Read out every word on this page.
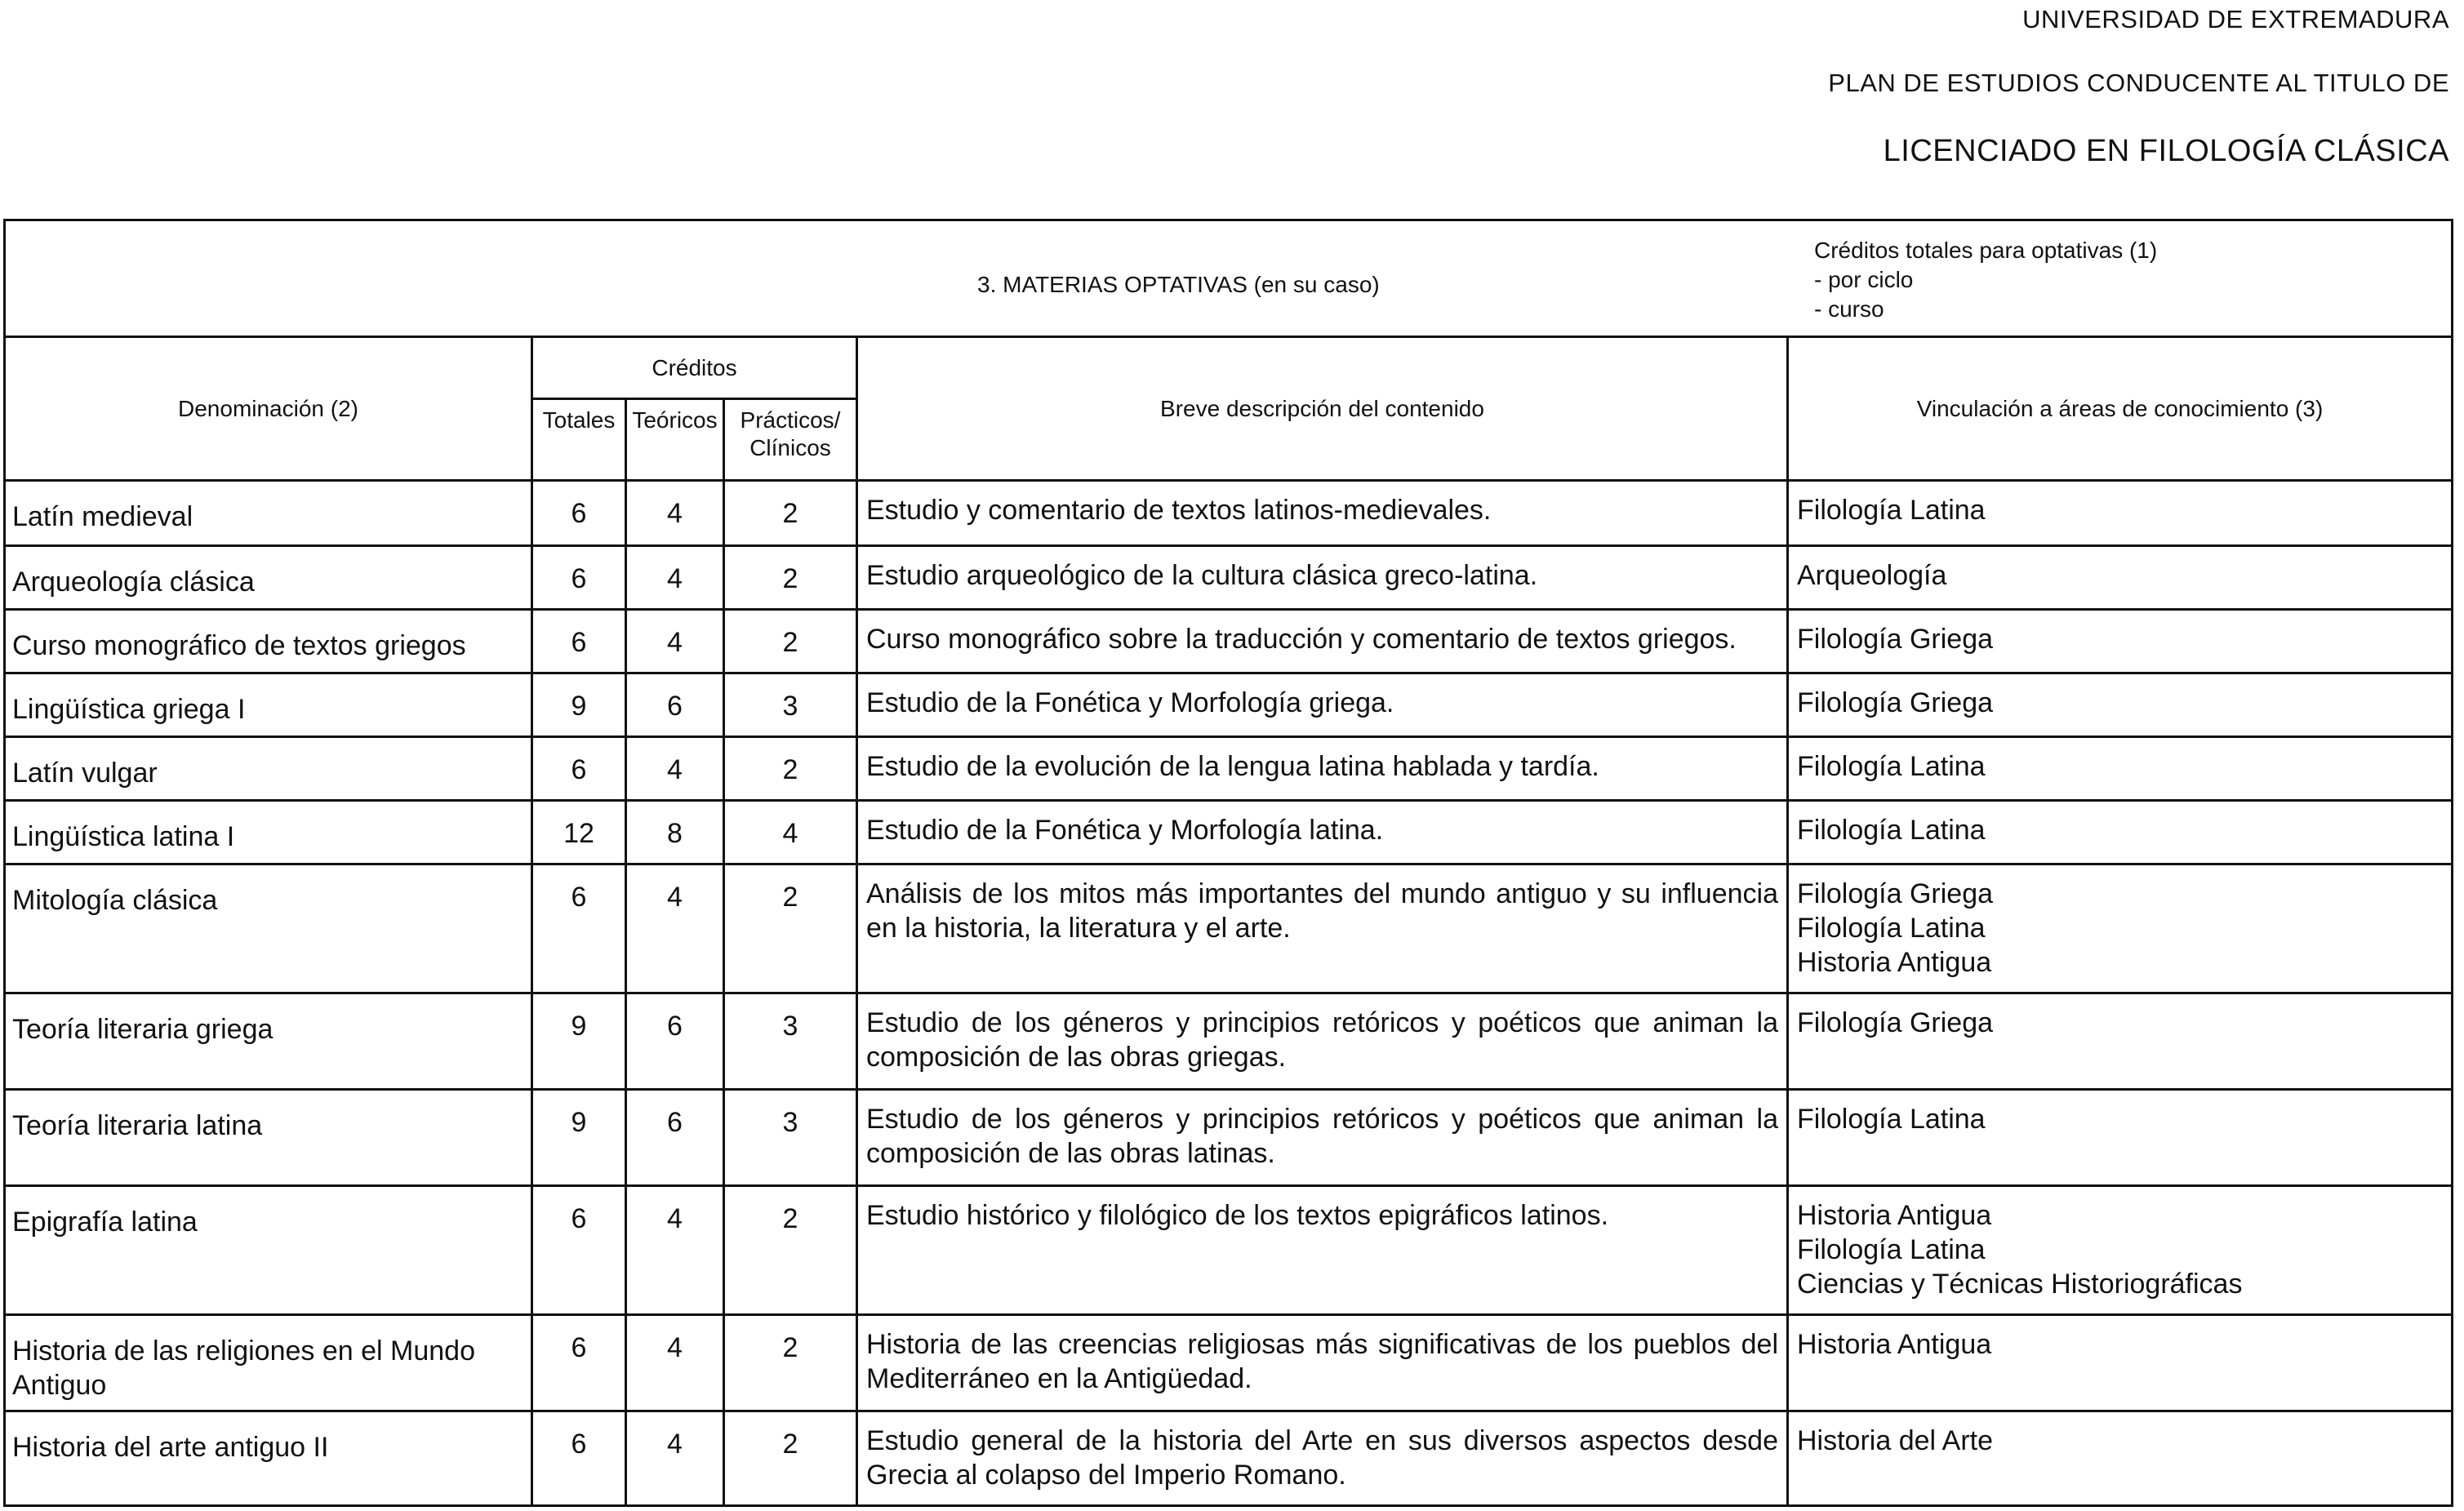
UNIVERSIDAD DE EXTREMADURA
PLAN DE ESTUDIOS CONDUCENTE AL TITULO DE
LICENCIADO EN FILOLOGÍA CLÁSICA
3. MATERIAS OPTATIVAS (en su caso)
Créditos totales para optativas (1)
- por ciclo
- curso					

Denominación (2)	Créditos			Breve descripción del contenido	Vinculación a áreas de conocimiento (3)
	Totales	Teóricos	Prácticos/
Clínicos		

Latín medieval	6	4	2	Estudio y comentario de textos latinos-medievales.	Filología Latina

Arqueología clásica	6	4	2	Estudio arqueológico de la cultura clásica greco-latina.	Arqueología

Curso monográfico de textos griegos	6	4	2	Curso monográfico sobre la traducción y comentario de textos griegos.	Filología Griega

Lingüística griega I	9	6	3	Estudio de la Fonética y Morfología griega.	Filología Griega

Latín vulgar	6	4	2	Estudio de la evolución de la lengua latina hablada y tardía.	Filología Latina

Lingüística latina I	12	8	4	Estudio de la Fonética y Morfología latina.	Filología Latina

Mitología clásica	6	4	2	Análisis de los mitos más importantes del mundo antiguo y su influencia en la historia, la literatura y el arte.	Filología Griega
Filología Latina
Historia Antigua

Teoría literaria griega	9	6	3	Estudio de los géneros y principios retóricos y poéticos que animan la composición de las obras griegas.	Filología Griega

Teoría literaria latina	9	6	3	Estudio de los géneros y principios retóricos y poéticos que animan la composición de las obras latinas.	Filología Latina

Epigrafía latina	6	4	2	Estudio histórico y filológico de los textos epigráficos latinos.	Historia Antigua
Filología Latina
Ciencias y Técnicas Historiográficas

Historia de las religiones en el Mundo Antiguo	6	4	2	Historia de las creencias religiosas más significativas de los pueblos del Mediterráneo en la Antigüedad.	Historia Antigua

Historia del arte antiguo II	6	4	2	Estudio general de la historia del Arte en sus diversos aspectos desde Grecia al colapso del Imperio Romano.	Historia del Arte
